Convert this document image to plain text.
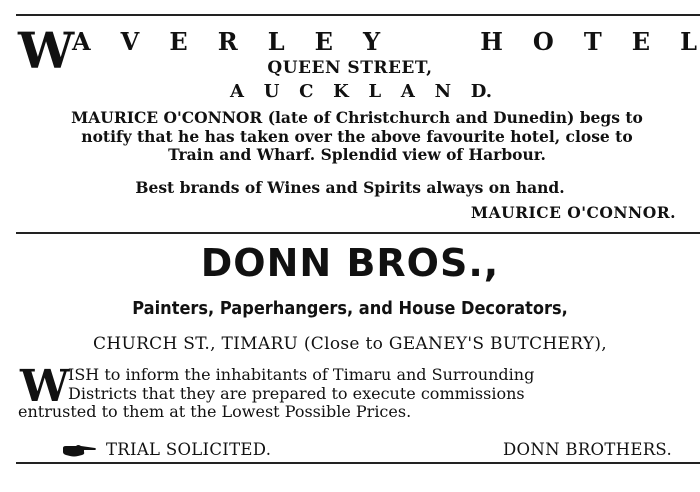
W
A V E R L E Y	H O T E L
QUEEN STREET,
A U C K L A N D.
MAURICE O'CONNOR (late of Christchurch and Dunedin) begs to
notify that he has taken over the above favourite hotel, close to
Train and Wharf. Splendid view of Harbour.
Best brands of Wines and Spirits always on hand.
MAURICE O'CONNOR.
DONN BROS.,
Painters, Paperhangers, and House Decorators,
CHURCH ST., TIMARU (Close to GEANEY'S BUTCHERY),
W
ISH to inform the inhabitants of Timaru and Surrounding
Districts that they are prepared to execute commissions
entrusted to them at the Lowest Possible Prices.
TRIAL SOLICITED.	DONN BROTHERS.
